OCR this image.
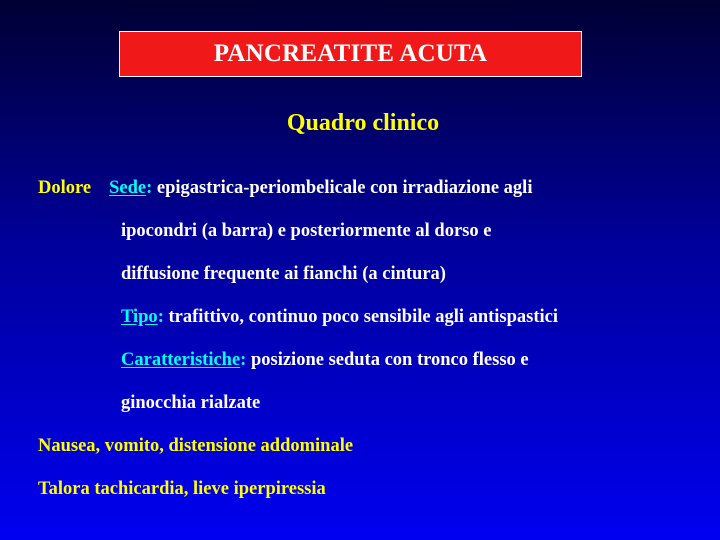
PANCREATITE ACUTA
Quadro clinico
Dolore Sede: epigastrica-periombelicale con irradiazione agli
ipocondri (a barra) e posteriormente al dorso e
diffusione frequente ai fianchi (a cintura)
Tipo: trafittivo, continuo poco sensibile agli antispastici
Caratteristiche: posizione seduta con tronco flesso e
ginocchia rialzate
Nausea, vomito, distensione addominale
Talora tachicardia, lieve iperpiressia
